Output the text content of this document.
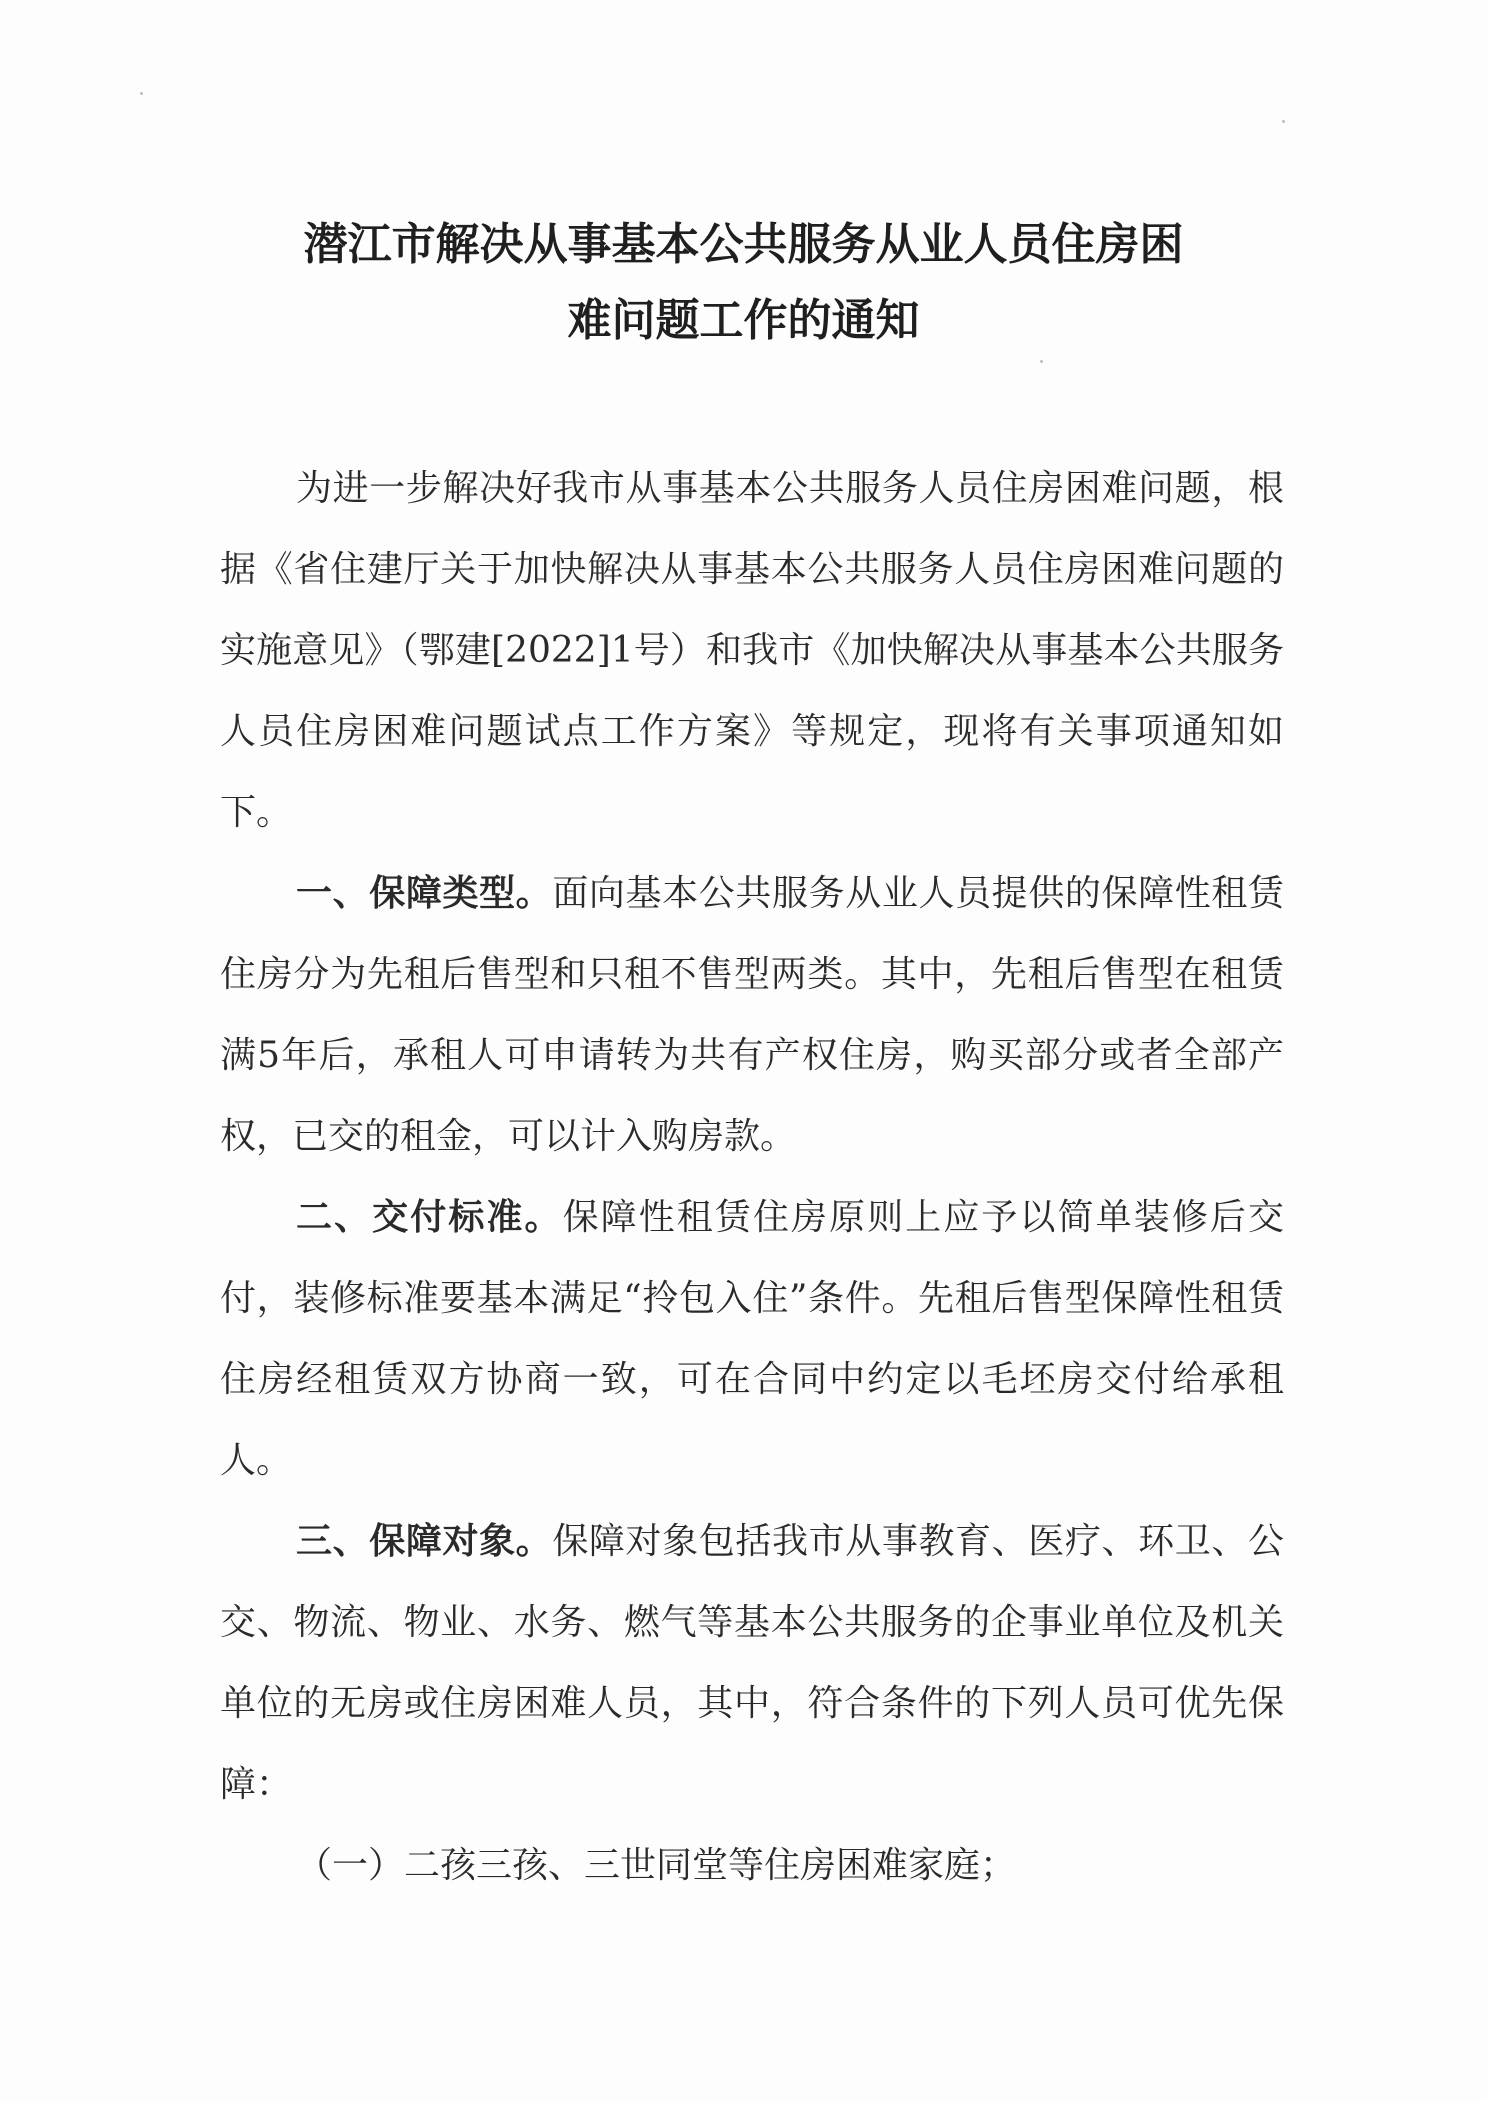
潜江市解决从事基本公共服务从业人员住房困
难问题工作的通知

为进一步解决好我市从事基本公共服务人员住房困难问题，根据《省住建厅关于加快解决从事基本公共服务人员住房困难问题的实施意见》（鄂建[2022]1号）和我市《加快解决从事基本公共服务人员住房困难问题试点工作方案》等规定，现将有关事项通知如下。

一、保障类型。面向基本公共服务从业人员提供的保障性租赁住房分为先租后售型和只租不售型两类。其中，先租后售型在租赁满5年后，承租人可申请转为共有产权住房，购买部分或者全部产权，已交的租金，可以计入购房款。

二、交付标准。保障性租赁住房原则上应予以简单装修后交付，装修标准要基本满足“拎包入住”条件。先租后售型保障性租赁住房经租赁双方协商一致，可在合同中约定以毛坯房交付给承租人。

三、保障对象。保障对象包括我市从事教育、医疗、环卫、公交、物流、物业、水务、燃气等基本公共服务的企事业单位及机关单位的无房或住房困难人员，其中，符合条件的下列人员可优先保障：

（一）二孩三孩、三世同堂等住房困难家庭；
